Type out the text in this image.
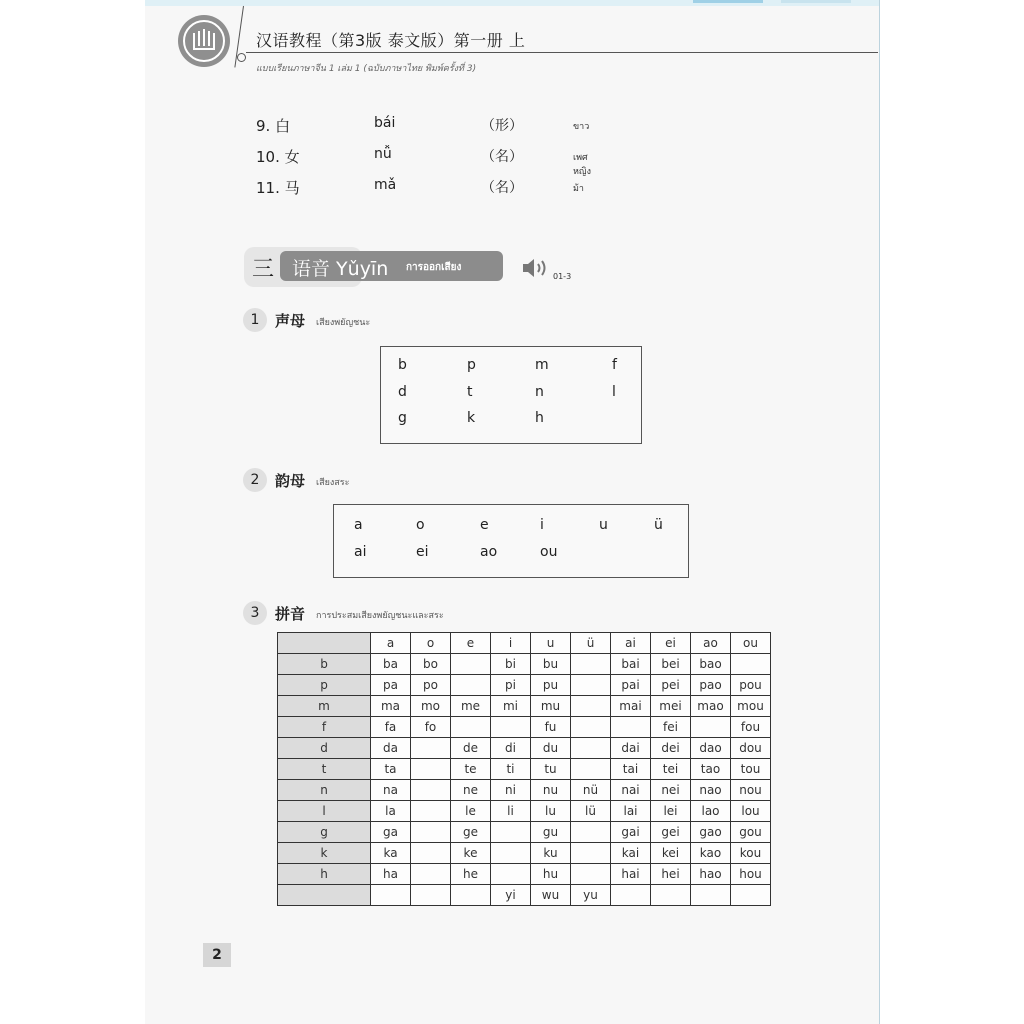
汉语教程（第3版 泰文版）第一册 上
แบบเรียนภาษาจีน 1 เล่ม 1 (ฉบับภาษาไทย พิมพ์ครั้งที่ 3)
9. 白	bái	（形）	ขาว
10. 女	nǚ	（名）	เพศหญิง
11. 马	mǎ	（名）	ม้า
三 语音 Yǔyīn การออกเสียง
01-3
1	声母 เสียงพยัญชนะ
b	p	m	f
d	t	n	l
g	k	h
2	韵母 เสียงสระ
a	o	e	i	u	ü
ai	ei	ao	ou
3	拼音 การประสมเสียงพยัญชนะและสระ
	a	o	e	i	u	ü	ai	ei	ao	ou
b	ba	bo		bi	bu		bai	bei	bao	
p	pa	po		pi	pu		pai	pei	pao	pou
m	ma	mo	me	mi	mu		mai	mei	mao	mou
f	fa	fo			fu			fei		fou
d	da		de	di	du		dai	dei	dao	dou
t	ta		te	ti	tu		tai	tei	tao	tou
n	na		ne	ni	nu	nü	nai	nei	nao	nou
l	la		le	li	lu	lü	lai	lei	lao	lou
g	ga		ge		gu		gai	gei	gao	gou
k	ka		ke		ku		kai	kei	kao	kou
h	ha		he		hu		hai	hei	hao	hou
				yi	wu	yu				
2
